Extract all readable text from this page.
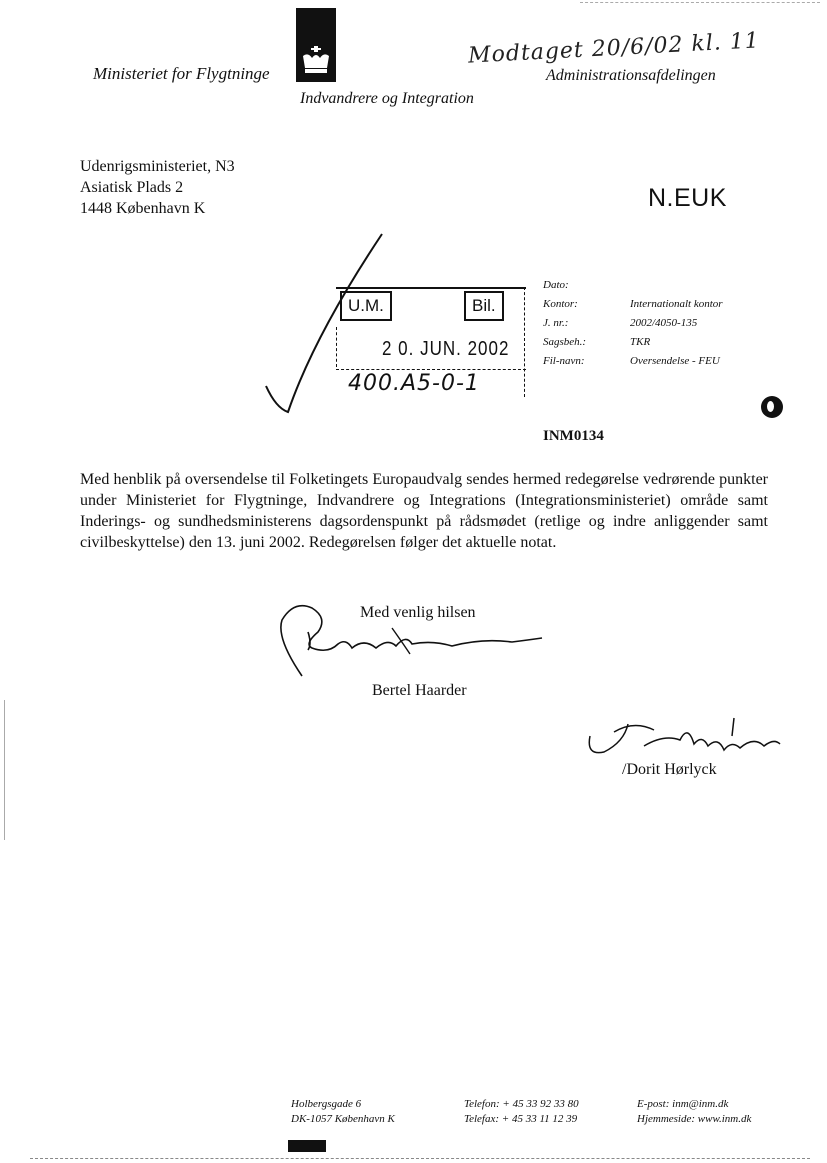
Ministeriet for Flygtninge
Indvandrere og Integration
Modtaget 20/6/02 kl. 11
Administrationsafdelingen
Udenrigsministeriet, N3
Asiatisk Plads 2
1448 København K	N.EUK
U.M.	Bil.
2 0. JUN. 2002
400.A5-0-1
Dato:
Kontor:	Internationalt kontor
J. nr.:	2002/4050-135
Sagsbeh.:	TKR
Fil-navn:	Oversendelse - FEU
INM0134
Med henblik på oversendelse til Folketingets Europaudvalg sendes hermed redegørelse vedrørende punkter under Ministeriet for Flygtninge, Indvandrere og Integrations (Integrationsministeriet) område samt Inderings- og sundhedsministerens dagsordenspunkt på rådsmødet (retlige og indre anliggender samt civilbeskyttelse) den 13. juni 2002. Redegørelsen følger det aktuelle notat.
Med venlig hilsen
Bertel Haarder
/Dorit Hørlyck
Holbergsgade 6
DK-1057 København K
Telefon: + 45 33 92 33 80
Telefax: + 45 33 11 12 39
E-post: inm@inm.dk
Hjemmeside: www.inm.dk
